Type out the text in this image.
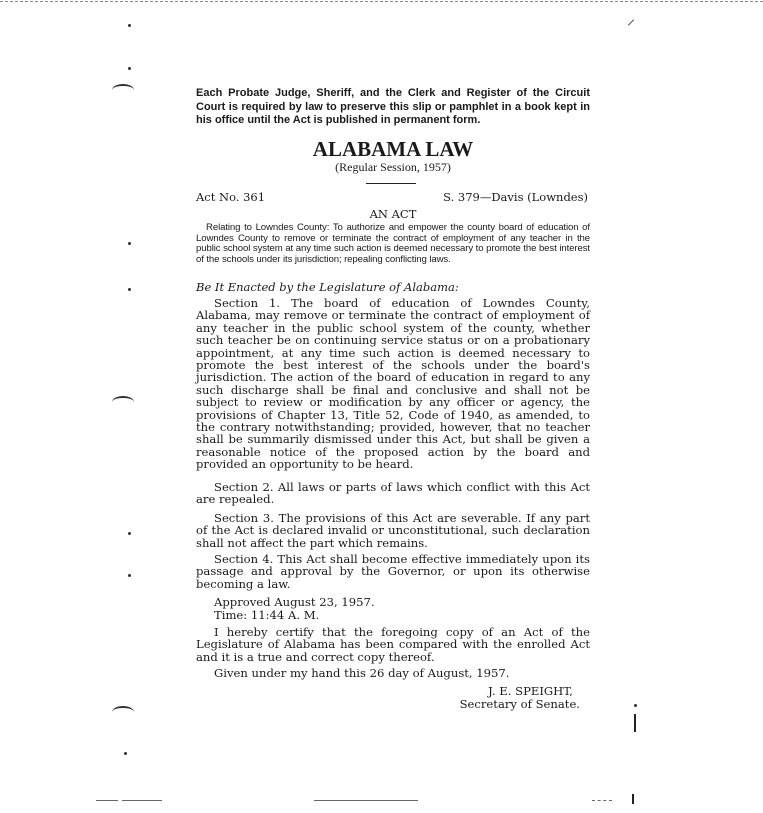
Each Probate Judge, Sheriff, and the Clerk and Register of the Circuit Court is required by law to preserve this slip or pamphlet in a book kept in his office until the Act is published in permanent form.
ALABAMA LAW
(Regular Session, 1957)
Act No. 361	S. 379—Davis (Lowndes)
AN ACT
Relating to Lowndes County: To authorize and empower the county board of education of Lowndes County to remove or terminate the contract of employment of any teacher in the public school system at any time such action is deemed necessary to promote the best interest of the schools under its jurisdiction; repealing conflicting laws.
Be It Enacted by the Legislature of Alabama:
Section 1. The board of education of Lowndes County, Alabama, may remove or terminate the contract of employment of any teacher in the public school system of the county, whether such teacher be on continuing service status or on a probationary appointment, at any time such action is deemed necessary to promote the best interest of the schools under the board's jurisdiction. The action of the board of education in regard to any such discharge shall be final and conclusive and shall not be subject to review or modification by any officer or agency, the provisions of Chapter 13, Title 52, Code of 1940, as amended, to the contrary notwithstanding; provided, however, that no teacher shall be summarily dismissed under this Act, but shall be given a reasonable notice of the proposed action by the board and provided an opportunity to be heard.
Section 2. All laws or parts of laws which conflict with this Act are repealed.
Section 3. The provisions of this Act are severable. If any part of the Act is declared invalid or unconstitutional, such declaration shall not affect the part which remains.
Section 4. This Act shall become effective immediately upon its passage and approval by the Governor, or upon its otherwise becoming a law.
Approved August 23, 1957.
Time: 11:44 A. M.
I hereby certify that the foregoing copy of an Act of the Legislature of Alabama has been compared with the enrolled Act and it is a true and correct copy thereof.
Given under my hand this 26 day of August, 1957.
J. E. SPEIGHT,
Secretary of Senate.
